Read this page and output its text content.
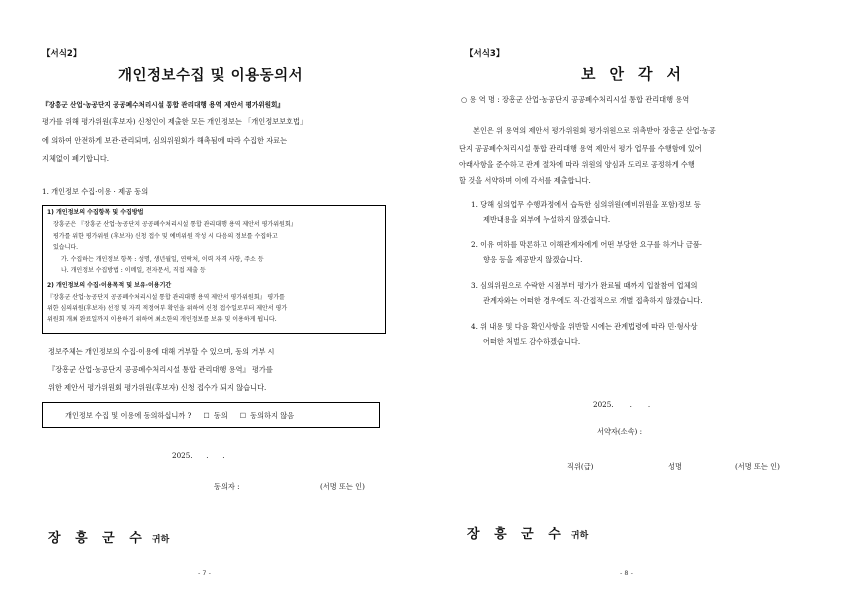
【서식2】
개인정보수집 및 이용동의서
『장흥군 산업·농공단지 공공폐수처리시설 통합 관리대행 용역 제안서 평가위원회』
평가를 위해 평가위원(후보자) 신청인이 제출한 모든 개인정보는 「개인정보보호법」
에 의하여 안전하게 보관·관리되며, 심의위원회가 해촉됨에 따라 수집한 자료는
지체없이 폐기합니다.
1. 개인정보 수집·이용 · 제공 동의
1) 개인정보의 수집항목 및 수집방법
장흥군은 『장흥군 산업·농공단지 공공폐수처리시설 통합 관리대행 용역 제안서 평가위원회』
평가를 위한 평가위원 (후보자) 신청 접수 및 예비위원 작성 시 다음의 정보를 수집하고
있습니다.
가. 수집하는 개인정보 항목 : 성명, 생년월일, 연락처, 이력 자격 사항, 주소 등
나. 개인정보 수집방법 : 이메일, 전자문서, 직접 제출 등
2) 개인정보의 수집·이용목적 및 보유·이용기간
『장흥군 산업·농공단지 공공폐수처리시설 통합 관리대행 용역 제안서 평가위원회』 평가를
위한 심의위원(후보자) 선정 및 자격 적정여부 확인을 위하여 신청 접수일로부터 제안서 평가
위원회 개최 완료일까지 이용하기 위하여 최소한의 개인정보를 보유 및 이용하게 됩니다.
정보주체는 개인정보의 수집·이용에 대해 거부할 수 있으며, 동의 거부 시
『장흥군 산업·농공단지 공공폐수처리시설 통합 관리대행 용역』 평가를
위한 제안서 평가위원회 평가위원(후보자) 신청 접수가 되지 않습니다.
개인정보 수집 및 이용에 동의하십니까 ? ☐ 동의 ☐ 동의하지 않음
2025.      .      .
동의자 :	(서명 또는 인)
장 흥 군 수 귀하
- 7 -
【서식3】
보안각서
○ 용 역 명 : 장흥군 산업·농공단지 공공폐수처리시설 통합 관리대행 용역
본인은 위 용역의 제안서 평가위원회 평가위원으로 위촉받아 장흥군 산업·농공
단지 공공폐수처리시설 통합 관리대행 용역 제안서 평가 업무를 수행함에 있어
아래사항을 준수하고 관계 절차에 따라 위원의 양심과 도리로 공정하게 수행
할 것을 서약하며 이에 각서를 제출합니다.
1. 당해 심의업무 수행과정에서 습득한 심의위원(예비위원을 포함)정보 등
제반내용을 외부에 누설하지 않겠습니다.
2. 이유 여하를 막론하고 이해관계자에게 어떤 부당한 요구를 하거나 금품·
향응 등을 제공받지 않겠습니다.
3. 심의위원으로 수락한 시점부터 평가가 완료될 때까지 입찰참여 업체의
관계자와는 어떠한 경우에도 직·간접적으로 개별 접촉하지 않겠습니다.
4. 위 내용 및 다음 확인사항을 위반할 시에는 관계법령에 따라 민·형사상
어떠한 처벌도 감수하겠습니다.
2025.       .       .
서약자(소속) :
직위(급)	성명	(서명 또는 인)
장 흥 군 수 귀하
- 8 -
